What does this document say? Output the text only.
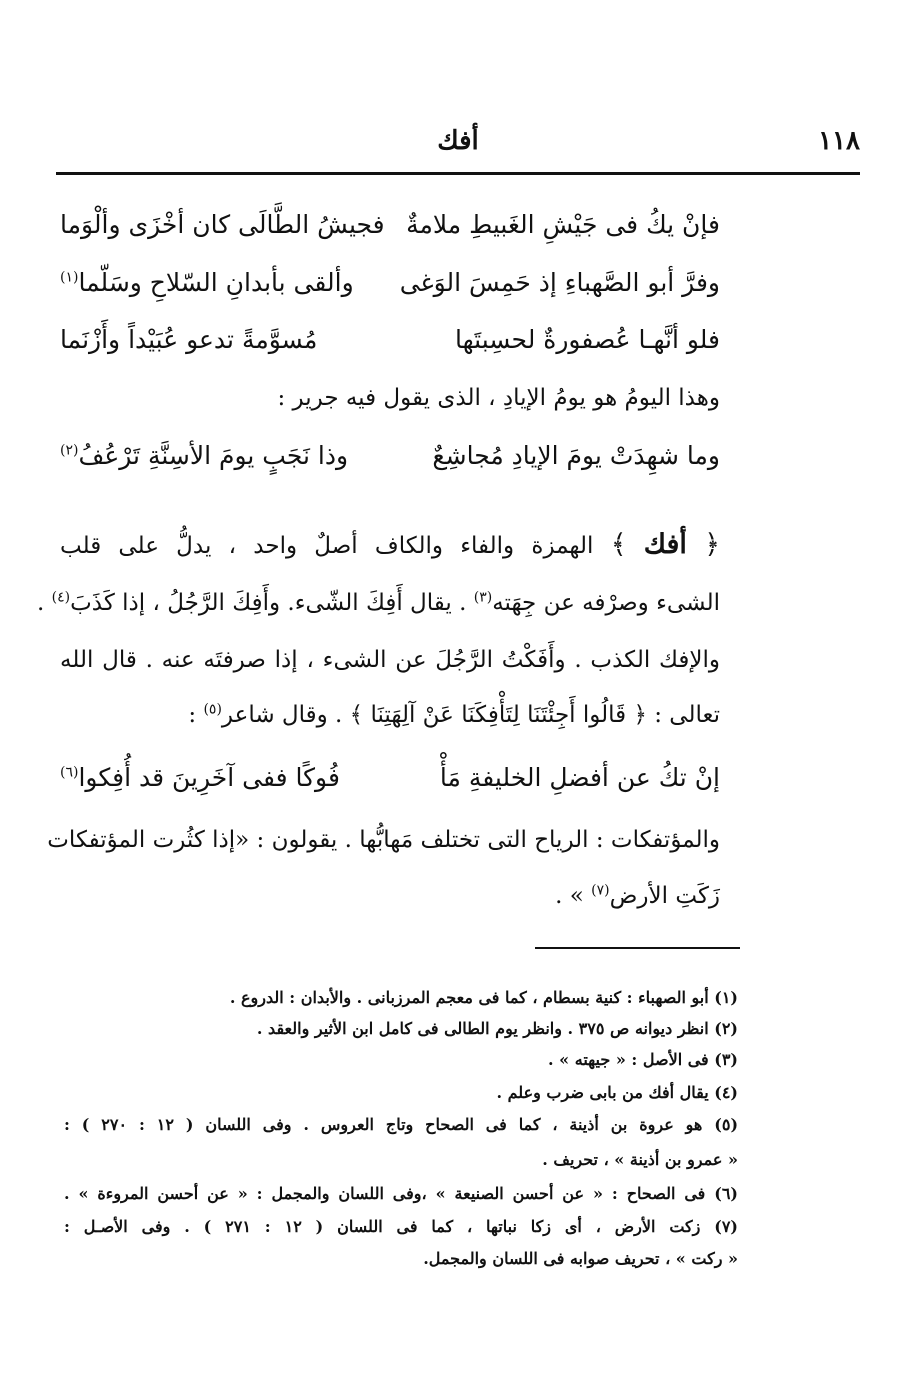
١١٨
أفك
فإنْ يكُ فى جَيْشِ الغَبيطِ ملامةٌ
فجيشُ الطَّالَى كان أخْزَى وألْوَما
وفرَّ أبو الصَّهباءِ إذ حَمِسَ الوَغى
وألقى بأبدانِ السّلاحِ وسَلّما$^{(١)}$
فلو أنَّهـا عُصفورةٌ لحسِبتَها
مُسوَّمةً تدعو عُبَيْداً وأَزْنَما
وهذا اليومُ هو يومُ الإيادِ ، الذى يقول فيه جرير :
وما شهِدَتْ يومَ الإيادِ مُجاشِعٌ
وذا نَجَبٍ يومَ الأسِنَّةِ تَرْعُفُ$^{(٢)}$
﴿ أفك ﴾ الهمزة والفاء والكاف أصلٌ واحد ، يدلُّ على قلب
الشىء وصرْفه عن جِهَته$^{(٣)}$ . يقال أَفِكَ الشّىء. وأَفِكَ الرَّجُلُ ، إذا كَذَبَ$^{(٤)}$ .
والإفك الكذب . وأَفَكْتُ الرَّجُلَ عن الشىء ، إذا صرفتَه عنه . قال الله
تعالى : ﴿ قَالُوا أَجِئْتَنَا لِتَأْفِكَنَا عَنْ آلِهَتِنَا ﴾ . وقال شاعر$^{(٥)}$ :
إنْ تكُ عن أفضلِ الخليفةِ مَأْ
فُوكًا ففى آخَرِينَ قد أُفِكوا$^{(٦)}$
والمؤتفكات : الرياح التى تختلف مَهابُّها . يقولون : «إذا كثُرت المؤتفكات
زَكَتِ الأرض$^{(٧)}$ » .
(١) أبو الصهباء : كنية بسطام ، كما فى معجم المرزبانى . والأبدان : الدروع .
(٢) انظر ديوانه ص ٣٧٥ . وانظر يوم الطالى فى كامل ابن الأثير والعقد .
(٣) فى الأصل : « جيهته » .
(٤) يقال أفك من بابى ضرب وعلم .
(٥) هو عروة بن أذينة ، كما فى الصحاح وتاج العروس . وفى اللسان ( ١٢ : ٢٧٠ ) :
« عمرو بن أذينة » ، تحريف .
(٦) فى الصحاح : « عن أحسن الصنيعة » ،وفى اللسان والمجمل : « عن أحسن المروءة » .
(٧) زكت الأرض ، أى زكا نباتها ، كما فى اللسان ( ١٢ : ٢٧١ ) . وفى الأصـل :
« ركت » ، تحريف صوابه فى اللسان والمجمل.
